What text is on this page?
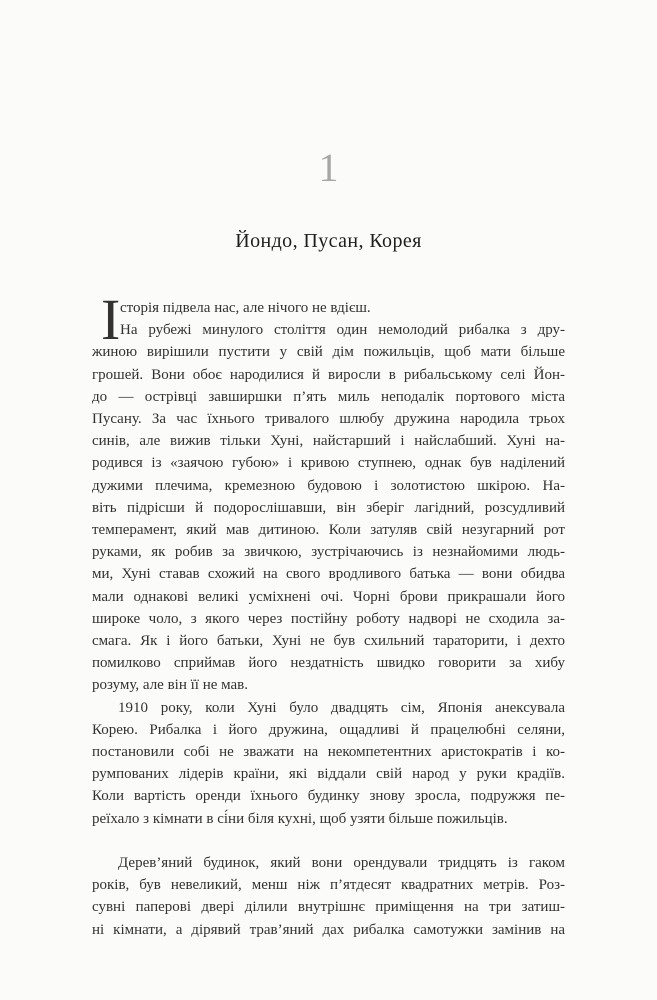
1
Йондо, Пусан, Корея
І сторія підвела нас, але нічого не вдієш.
На рубежі минулого століття один немолодий рибалка з дру-
жиною вирішили пустити у свій дім пожильців, щоб мати більше
грошей. Вони обоє народилися й виросли в рибальському селі Йон-
до — острівці завширшки п’ять миль неподалік портового міста
Пусану. За час їхнього тривалого шлюбу дружина народила трьох
синів, але вижив тільки Хуні, найстарший і найслабший. Хуні на-
родився із «заячою губою» і кривою ступнею, однак був наділений
дужими плечима, кремезною будовою і золотистою шкірою. На-
віть підрісши й подорослішавши, він зберіг лагідний, розсудливий
темперамент, який мав дитиною. Коли затуляв свій незугарний рот
руками, як робив за звичкою, зустрічаючись із незнайомими людь-
ми, Хуні ставав схожий на свого вродливого батька — вони обидва
мали однакові великі усміхнені очі. Чорні брови прикрашали його
широке чоло, з якого через постійну роботу надворі не сходила за-
смага. Як і його батьки, Хуні не був схильний тараторити, і дехто
помилково сприймав його нездатність швидко говорити за хибу
розуму, але він її не мав.
1910 року, коли Хуні було двадцять сім, Японія анексувала
Корею. Рибалка і його дружина, ощадливі й працелюбні селяни,
постановили собі не зважати на некомпетентних аристократів і ко-
румпованих лідерів країни, які віддали свій народ у руки крадіїв.
Коли вартість оренди їхнього будинку знову зросла, подружжя пе-
реїхало з кімнати в сі́ни біля кухні, щоб узяти більше пожильців.
Дерев’яний будинок, який вони орендували тридцять із гаком
років, був невеликий, менш ніж п’ятдесят квадратних метрів. Роз-
сувні паперові двері ділили внутрішнє приміщення на три затиш-
ні кімнати, а дірявий трав’яний дах рибалка самотужки замінив на
